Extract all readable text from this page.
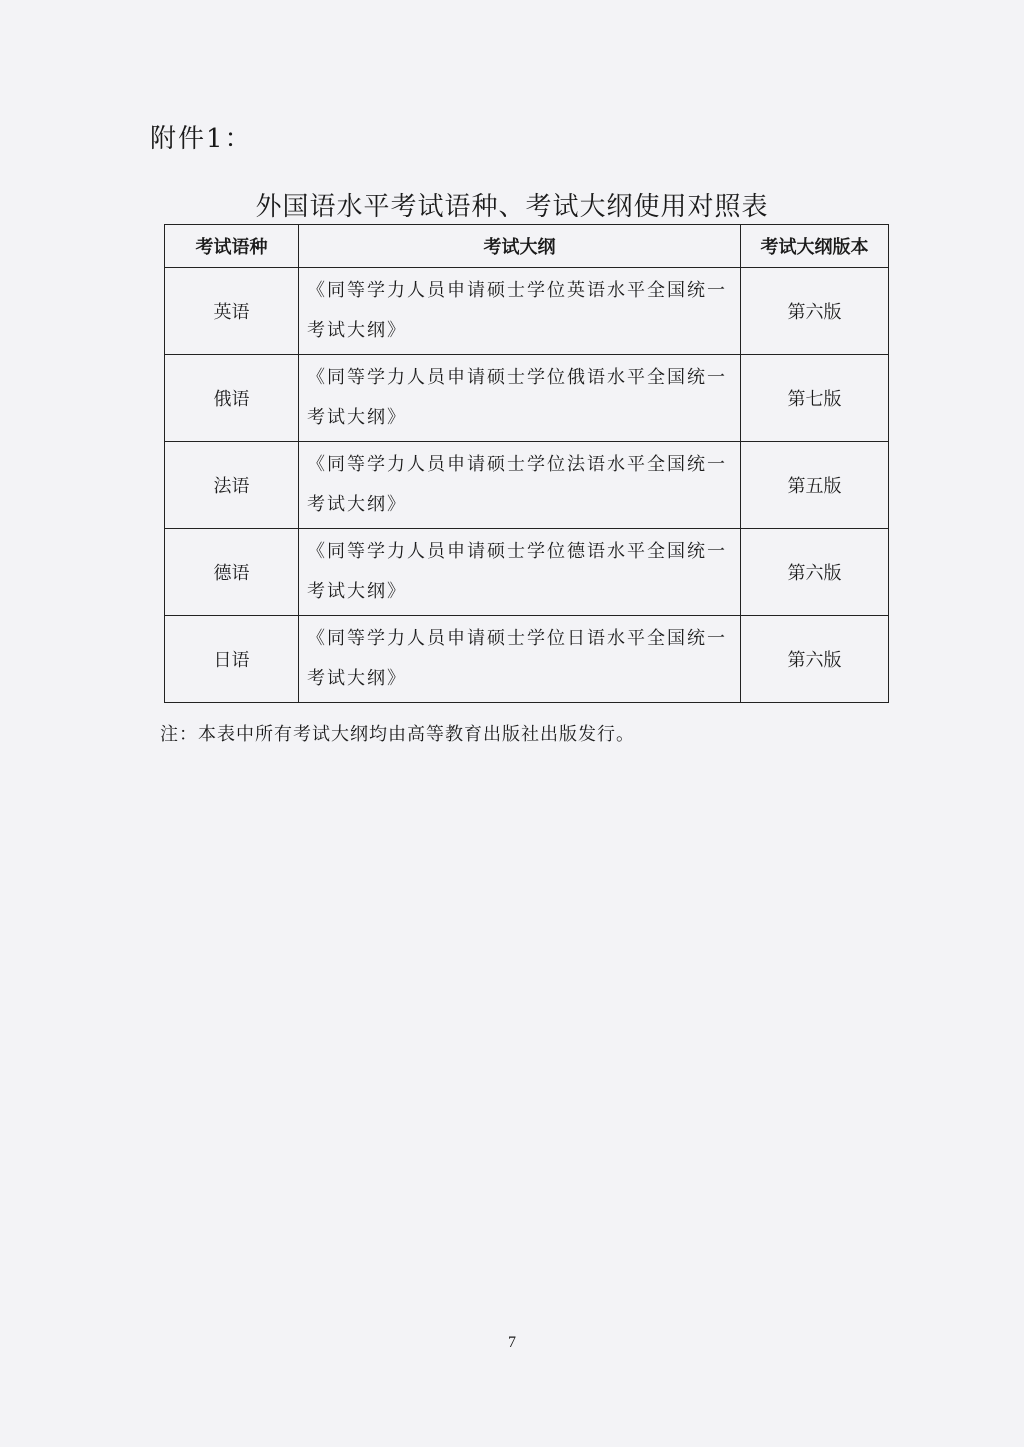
附件1：
外国语水平考试语种、考试大纲使用对照表
考试语种	考试大纲	考试大纲版本
英语	《同等学力人员申请硕士学位英语水平全国统一考试大纲》	第六版
俄语	《同等学力人员申请硕士学位俄语水平全国统一考试大纲》	第七版
法语	《同等学力人员申请硕士学位法语水平全国统一考试大纲》	第五版
德语	《同等学力人员申请硕士学位德语水平全国统一考试大纲》	第六版
日语	《同等学力人员申请硕士学位日语水平全国统一考试大纲》	第六版
注：本表中所有考试大纲均由高等教育出版社出版发行。
7
